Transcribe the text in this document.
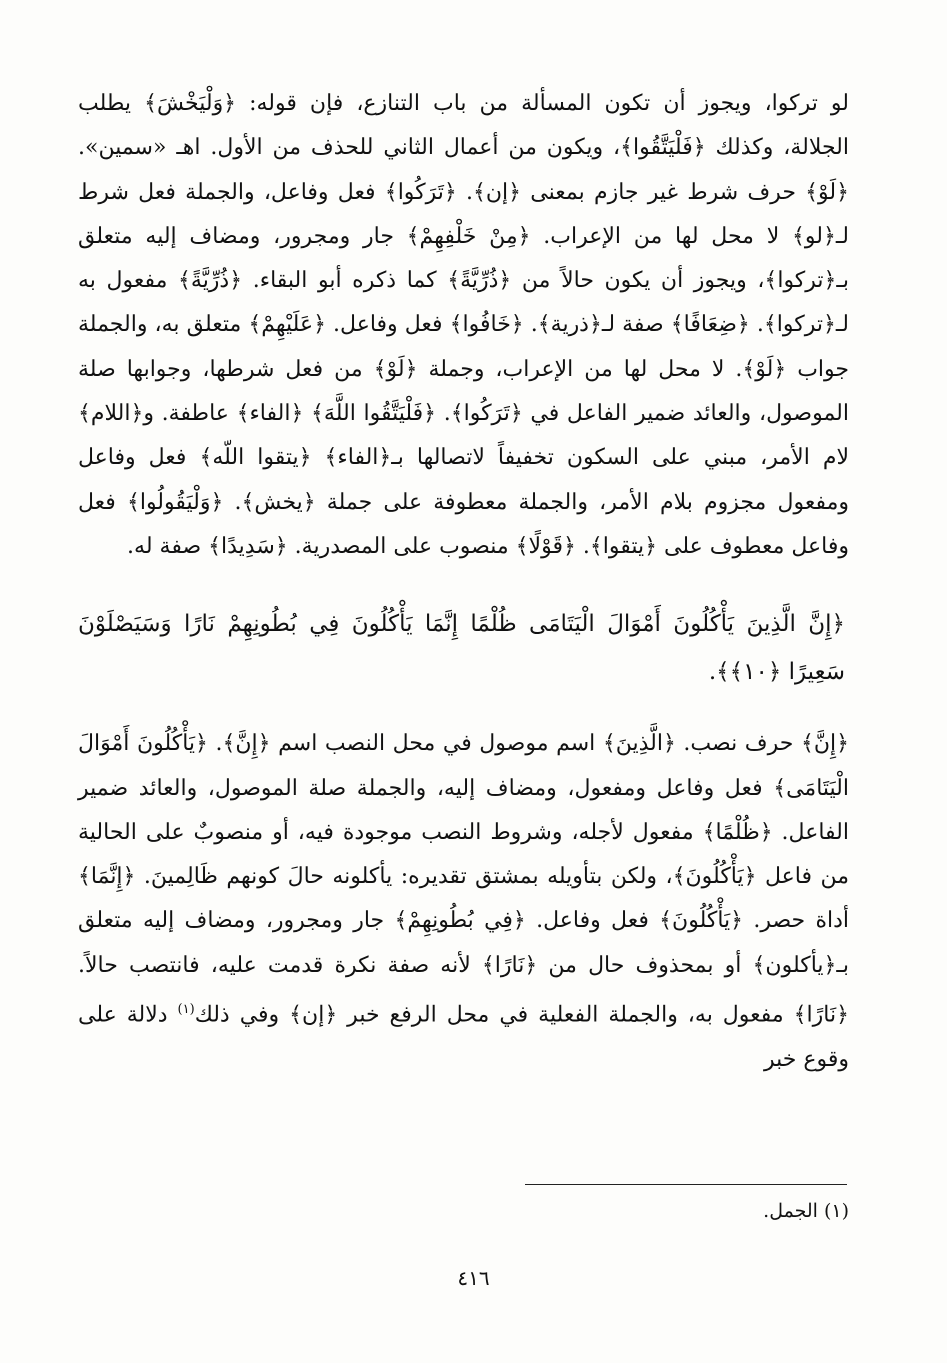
لو تركوا، ويجوز أن تكون المسألة من باب التنازع، فإن قوله: ﴿وَلْيَخْشَ﴾ يطلب الجلالة، وكذلك ﴿فَلْيَتَّقُوا﴾، ويكون من أعمال الثاني للحذف من الأول. اهـ «سمين». ﴿لَوْ﴾ حرف شرط غير جازم بمعنى ﴿إن﴾. ﴿تَرَكُوا﴾ فعل وفاعل، والجملة فعل شرط لـ﴿لو﴾ لا محل لها من الإعراب. ﴿مِنْ خَلْفِهِمْ﴾ جار ومجرور، ومضاف إليه متعلق بـ﴿تركوا﴾، ويجوز أن يكون حالاً من ﴿ذُرِّيَّةً﴾ كما ذكره أبو البقاء. ﴿ذُرِّيَّةً﴾ مفعول به لـ﴿تركوا﴾. ﴿ضِعَافًا﴾ صفة لـ﴿ذرية﴾. ﴿خَافُوا﴾ فعل وفاعل. ﴿عَلَيْهِمْ﴾ متعلق به، والجملة جواب ﴿لَوْ﴾. لا محل لها من الإعراب، وجملة ﴿لَوْ﴾ من فعل شرطها، وجوابها صلة الموصول، والعائد ضمير الفاعل في ﴿تَرَكُوا﴾. ﴿فَلْيَتَّقُوا اللَّهَ﴾ ﴿الفاء﴾ عاطفة. و﴿اللام﴾ لام الأمر، مبني على السكون تخفيفاً لاتصالها بـ﴿الفاء﴾ ﴿يتقوا اللّه﴾ فعل وفاعل ومفعول مجزوم بلام الأمر، والجملة معطوفة على جملة ﴿يخش﴾. ﴿وَلْيَقُولُوا﴾ فعل وفاعل معطوف على ﴿يتقوا﴾. ﴿قَوْلًا﴾ منصوب على المصدرية. ﴿سَدِيدًا﴾ صفة له.

﴿إِنَّ الَّذِينَ يَأْكُلُونَ أَمْوَالَ الْيَتَامَى ظُلْمًا إِنَّمَا يَأْكُلُونَ فِي بُطُونِهِمْ نَارًا وَسَيَصْلَوْنَ سَعِيرًا ﴿١٠﴾﴾.

﴿إِنَّ﴾ حرف نصب. ﴿الَّذِينَ﴾ اسم موصول في محل النصب اسم ﴿إِنَّ﴾. ﴿يَأْكُلُونَ أَمْوَالَ الْيَتَامَى﴾ فعل وفاعل ومفعول، ومضاف إليه، والجملة صلة الموصول، والعائد ضمير الفاعل. ﴿ظُلْمًا﴾ مفعول لأجله، وشروط النصب موجودة فيه، أو منصوبٌ على الحالية من فاعل ﴿يَأْكُلُونَ﴾، ولكن بتأويله بمشتق تقديره: يأكلونه حالَ كونهم ظَالِمينَ. ﴿إِنَّمَا﴾ أداة حصر. ﴿يَأْكُلُونَ﴾ فعل وفاعل. ﴿فِي بُطُونِهِمْ﴾ جار ومجرور، ومضاف إليه متعلق بـ﴿يأكلون﴾ أو بمحذوف حال من ﴿نَارًا﴾ لأنه صفة نكرة قدمت عليه، فانتصب حالاً. ﴿نَارًا﴾ مفعول به، والجملة الفعلية في محل الرفع خبر ﴿إن﴾ وفي ذلك$^{(١)}$ دلالة على وقوع خبر

(١) الجمل.
٤١٦
